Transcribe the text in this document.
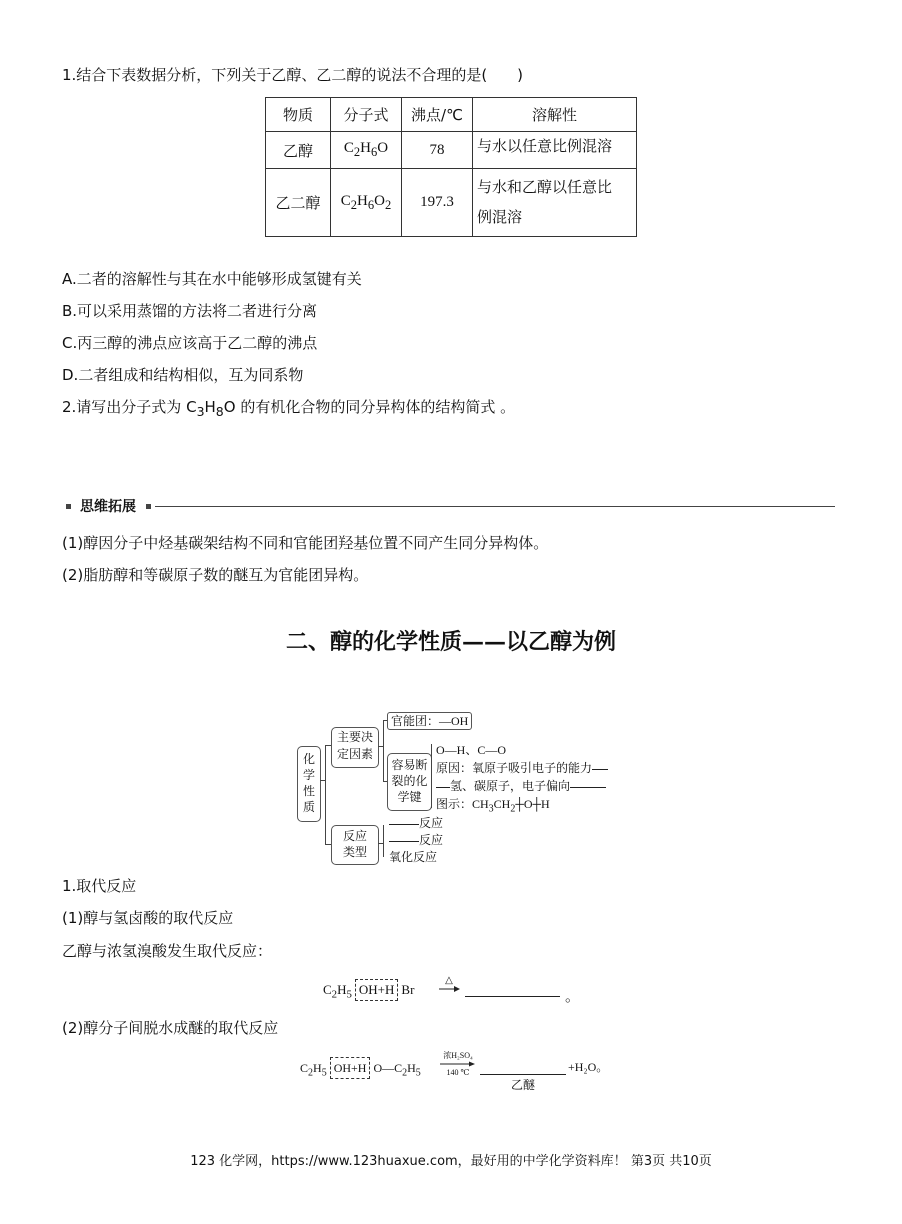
1.结合下表数据分析，下列关于乙醇、乙二醇的说法不合理的是(　　)
物质	分子式	沸点/℃	溶解性
乙醇	$C_2H_6O$	78	与水以任意比例混溶
乙二醇	$C_2H_6O_2$	197.3	与水和乙醇以任意比
例混溶
A.二者的溶解性与其在水中能够形成氢键有关
B.可以采用蒸馏的方法将二者进行分离
C.丙三醇的沸点应该高于乙二醇的沸点
D.二者组成和结构相似，互为同系物
2.请写出分子式为 $C_3H_8O$ 的有机化合物的同分异构体的结构简式 。
思维拓展
(1)醇因分子中烃基碳架结构不同和官能团羟基位置不同产生同分异构体。
(2)脂肪醇和等碳原子数的醚互为官能团异构。
二、醇的化学性质——以乙醇为例
化
学
性
质
主要决
定因素
官能团：—OH
容易断
裂的化
学键
O—H、C—O
原因：氧原子吸引电子的能力
氢、碳原子，电子偏向
图示：$CH_3CH_2┼O┼H$
反应
类型
反应
反应
氧化反应
1.取代反应
(1)醇与氢卤酸的取代反应
乙醇与浓氢溴酸发生取代反应：
$C_2H_5$ OH+H Br
△
。
(2)醇分子间脱水成醚的取代反应
$C_2H_5$ OH+H $O—C_2H_5$
浓H₂SO₄
140 ℃
乙醚
+H₂O。
123 化学网，https://www.123huaxue.com，最好用的中学化学资料库！ 第3页 共10页
